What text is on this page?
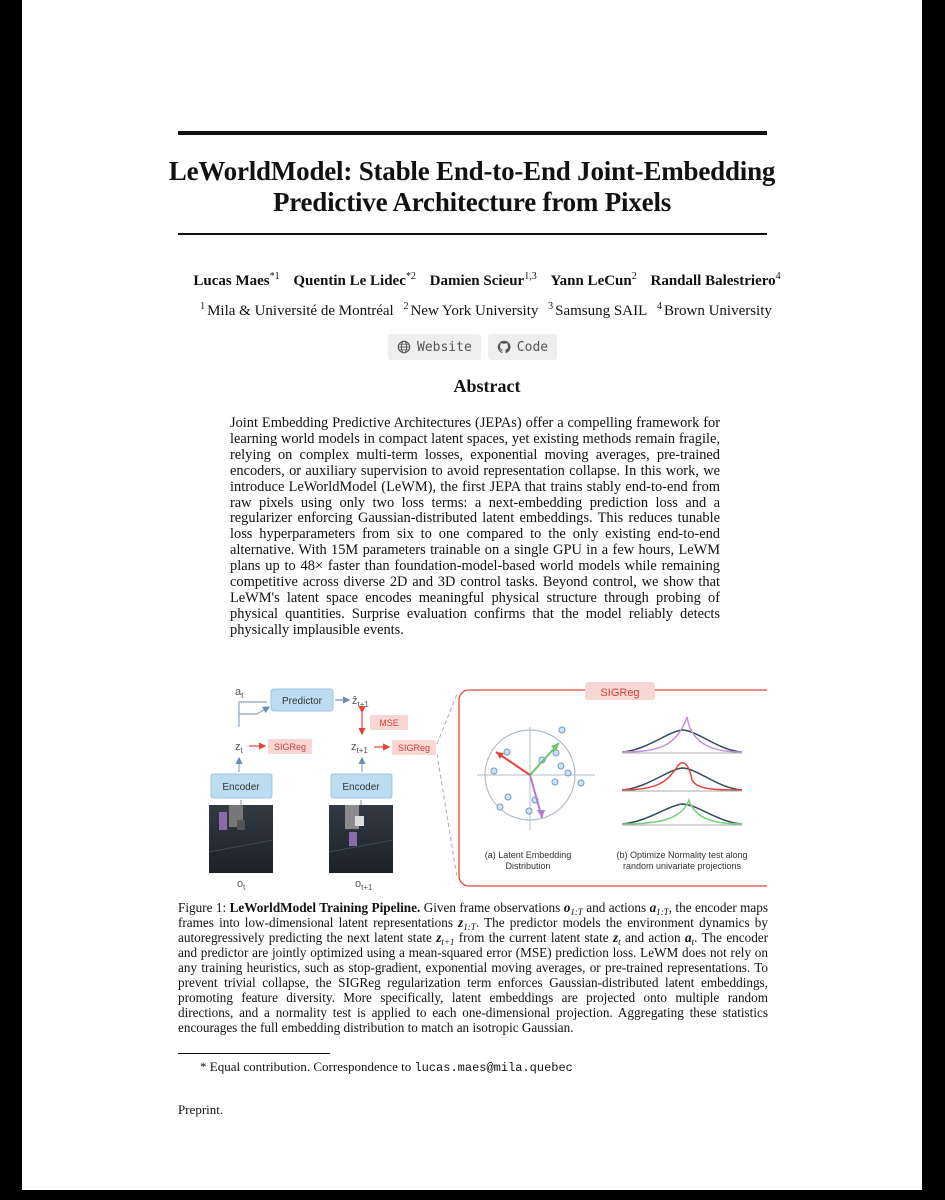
LeWorldModel: Stable End-to-End Joint-Embedding
Predictive Architecture from Pixels
Lucas Maes$^{*1}$ Quentin Le Lidec$^{*2}$ Damien Scieur$^{1,3}$ Yann LeCun$^2$ Randall Balestriero$^4$
$^1$ Mila & Université de Montréal $^2$ New York University $^3$ Samsung SAIL $^4$ Brown University
Website	Code
Abstract
Joint Embedding Predictive Architectures (JEPAs) offer a compelling framework for learning world models in compact latent spaces, yet existing methods remain fragile, relying on complex multi-term losses, exponential moving averages, pre-trained encoders, or auxiliary supervision to avoid representation collapse. In this work, we introduce LeWorldModel (LeWM), the first JEPA that trains stably end-to-end from raw pixels using only two loss terms: a next-embedding prediction loss and a regularizer enforcing Gaussian-distributed latent embeddings. This reduces tunable loss hyperparameters from six to one compared to the only existing end-to-end alternative. With 15M parameters trainable on a single GPU in a few hours, LeWM plans up to 48× faster than foundation-model-based world models while remaining competitive across diverse 2D and 3D control tasks. Beyond control, we show that LeWM's latent space encodes meaningful physical structure through probing of physical quantities. Surprise evaluation confirms that the model reliably detects physically implausible events.
$a_t$
Predictor	ẑ$_{t+1}$
MSE
$z_t$	SIGReg	$z_{t+1}$	SIGReg
Encoder	Encoder
$o_t$	$o_{t+1}$
SIGReg
(a) Latent Embedding
Distribution
(b) Optimize Normality test along
random univariate projections
Figure 1: LeWorldModel Training Pipeline. Given frame observations $o_{1:T}$ and actions $a_{1:T}$, the encoder maps frames into low-dimensional latent representations $z_{1:T}$. The predictor models the environment dynamics by autoregressively predicting the next latent state $z_{t+1}$ from the current latent state $z_t$ and action $a_t$. The encoder and predictor are jointly optimized using a mean-squared error (MSE) prediction loss. LeWM does not rely on any training heuristics, such as stop-gradient, exponential moving averages, or pre-trained representations. To prevent trivial collapse, the SIGReg regularization term enforces Gaussian-distributed latent embeddings, promoting feature diversity. More specifically, latent embeddings are projected onto multiple random directions, and a normality test is applied to each one-dimensional projection. Aggregating these statistics encourages the full embedding distribution to match an isotropic Gaussian.
* Equal contribution. Correspondence to lucas.maes@mila.quebec
Preprint.
